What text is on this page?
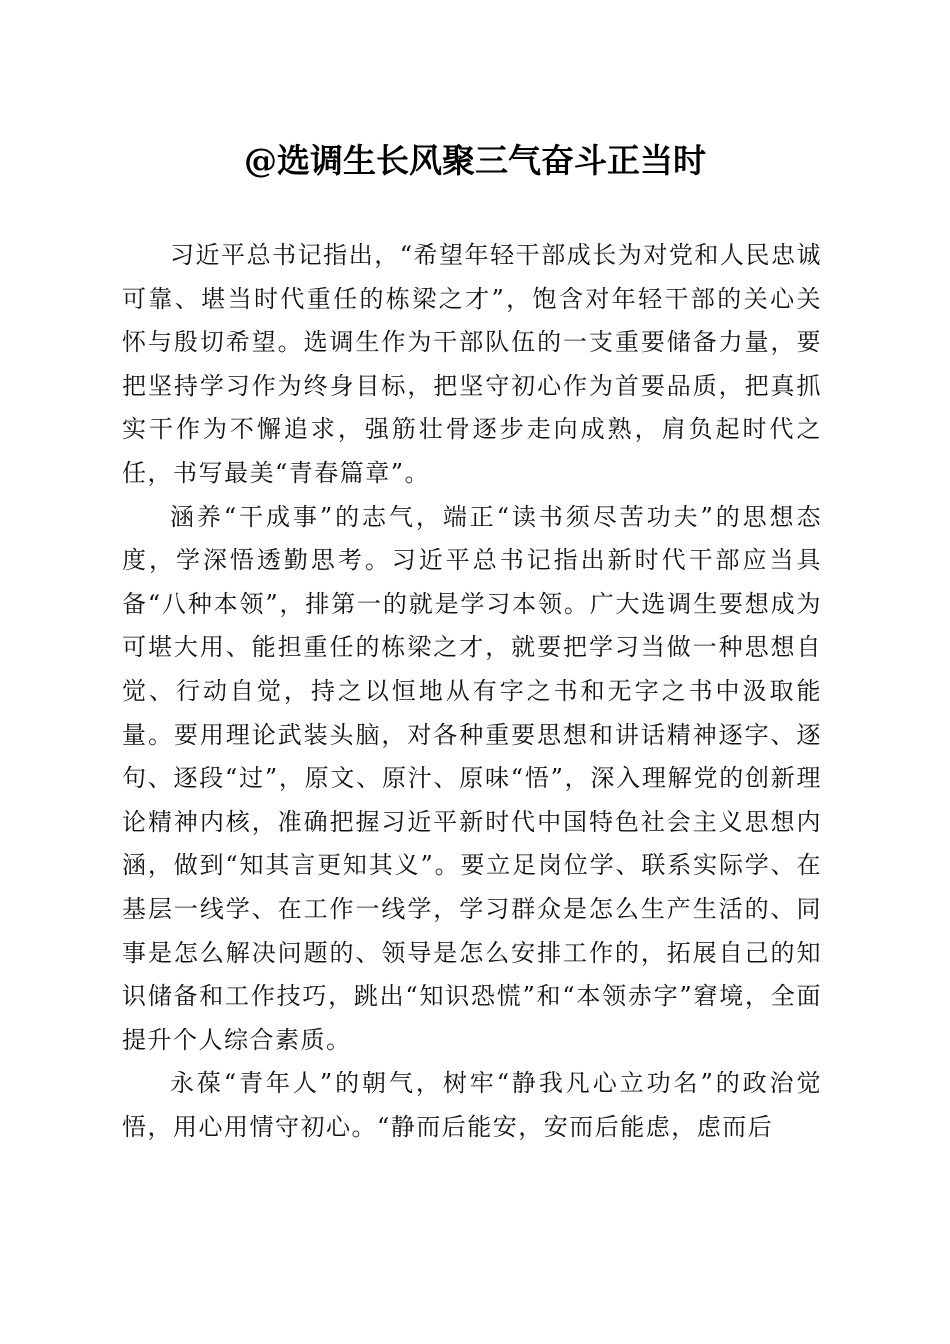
@选调生长风聚三气奋斗正当时

习近平总书记指出，“希望年轻干部成长为对党和人民忠诚可靠、堪当时代重任的栋梁之才”，饱含对年轻干部的关心关怀与殷切希望。选调生作为干部队伍的一支重要储备力量，要把坚持学习作为终身目标，把坚守初心作为首要品质，把真抓实干作为不懈追求，强筋壮骨逐步走向成熟，肩负起时代之任，书写最美“青春篇章”。

涵养“干成事”的志气，端正“读书须尽苦功夫”的思想态度，学深悟透勤思考。习近平总书记指出新时代干部应当具备“八种本领”，排第一的就是学习本领。广大选调生要想成为可堪大用、能担重任的栋梁之才，就要把学习当做一种思想自觉、行动自觉，持之以恒地从有字之书和无字之书中汲取能量。要用理论武装头脑，对各种重要思想和讲话精神逐字、逐句、逐段“过”，原文、原汁、原味“悟”，深入理解党的创新理论精神内核，准确把握习近平新时代中国特色社会主义思想内涵，做到“知其言更知其义”。要立足岗位学、联系实际学、在基层一线学、在工作一线学，学习群众是怎么生产生活的、同事是怎么解决问题的、领导是怎么安排工作的，拓展自己的知识储备和工作技巧，跳出“知识恐慌”和“本领赤字”窘境，全面提升个人综合素质。

永葆“青年人”的朝气，树牢“静我凡心立功名”的政治觉悟，用心用情守初心。“静而后能安，安而后能虑，虑而后
